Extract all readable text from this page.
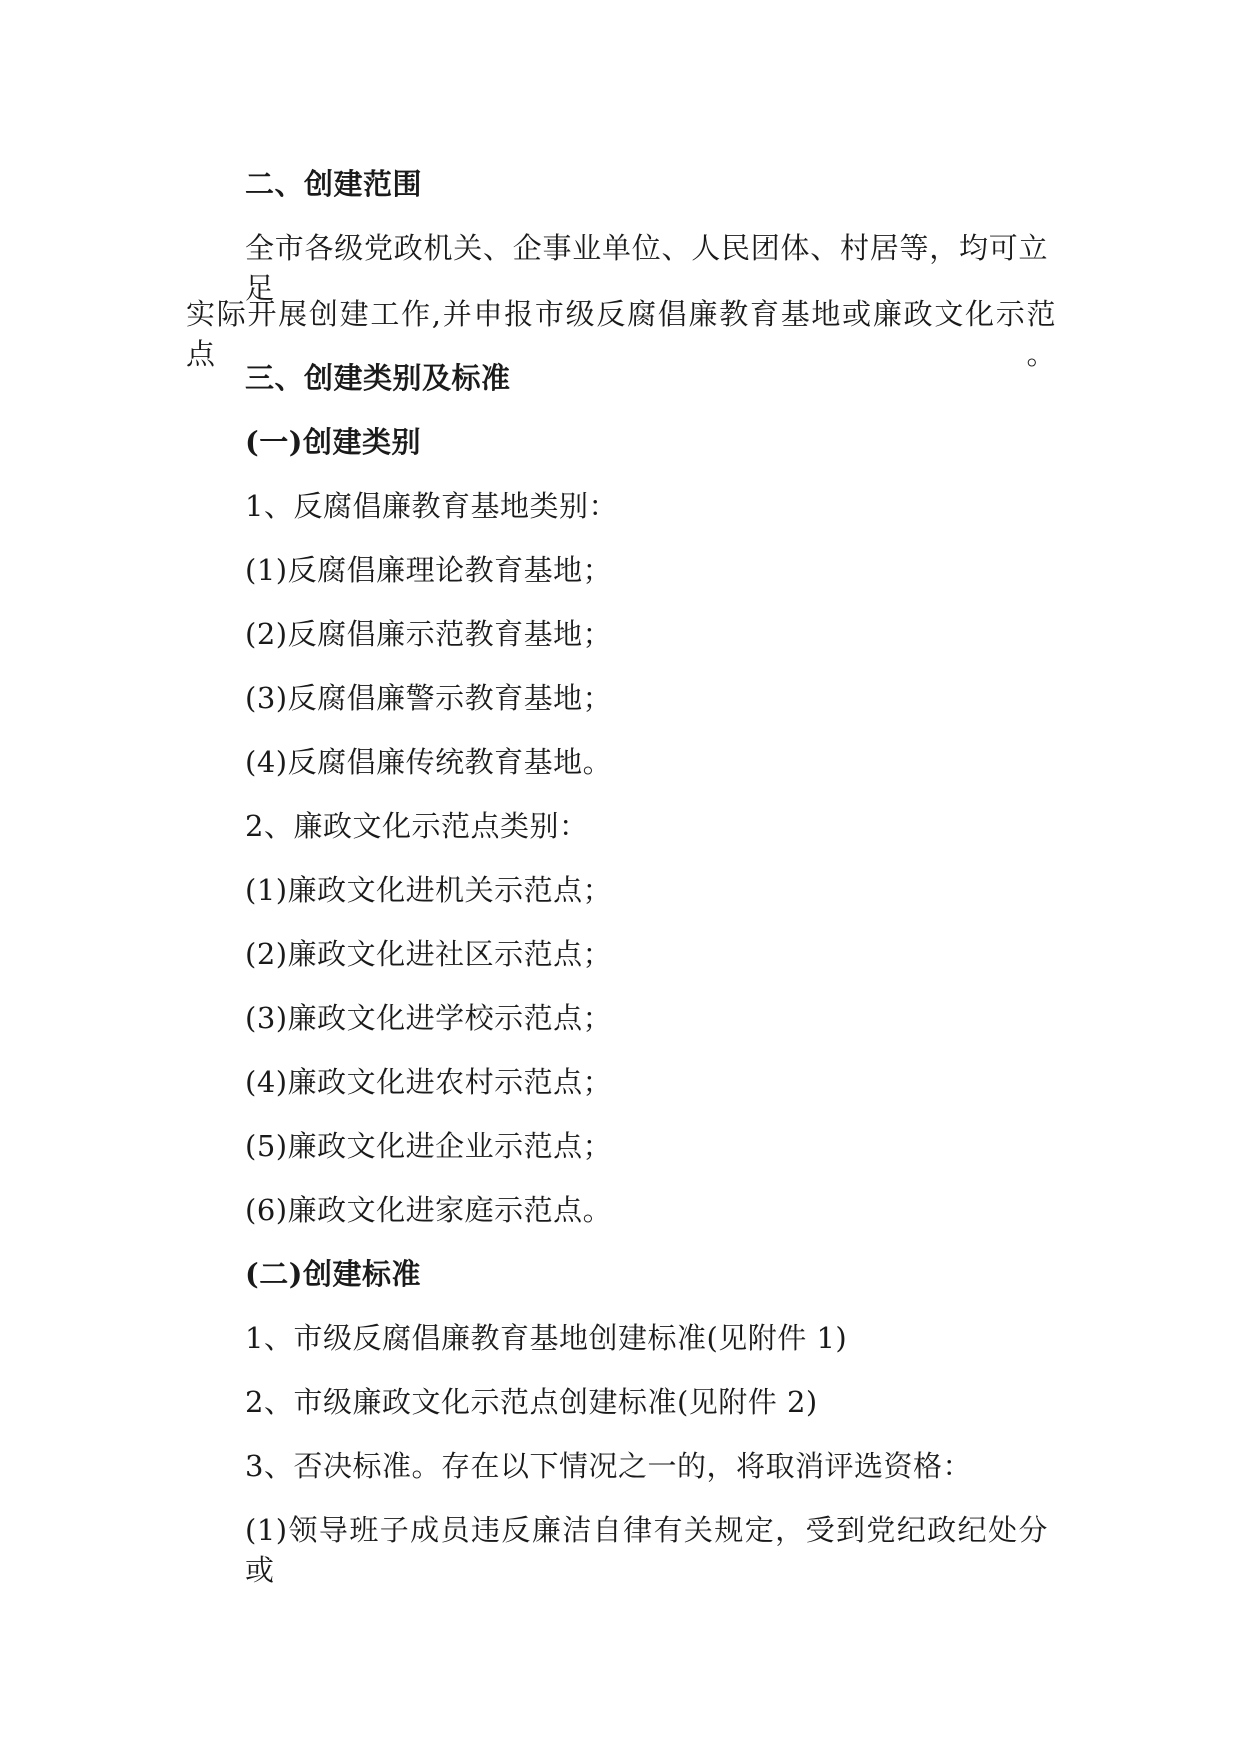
二、创建范围
全市各级党政机关、企事业单位、人民团体、村居等，均可立足
实际开展创建工作,并申报市级反腐倡廉教育基地或廉政文化示范点。
三、创建类别及标准
(一)创建类别
1、反腐倡廉教育基地类别：
(1)反腐倡廉理论教育基地；
(2)反腐倡廉示范教育基地；
(3)反腐倡廉警示教育基地；
(4)反腐倡廉传统教育基地。
2、廉政文化示范点类别：
(1)廉政文化进机关示范点；
(2)廉政文化进社区示范点；
(3)廉政文化进学校示范点；
(4)廉政文化进农村示范点；
(5)廉政文化进企业示范点；
(6)廉政文化进家庭示范点。
(二)创建标准
1、市级反腐倡廉教育基地创建标准(见附件 1)
2、市级廉政文化示范点创建标准(见附件 2)
3、否决标准。存在以下情况之一的，将取消评选资格：
(1)领导班子成员违反廉洁自律有关规定，受到党纪政纪处分或
